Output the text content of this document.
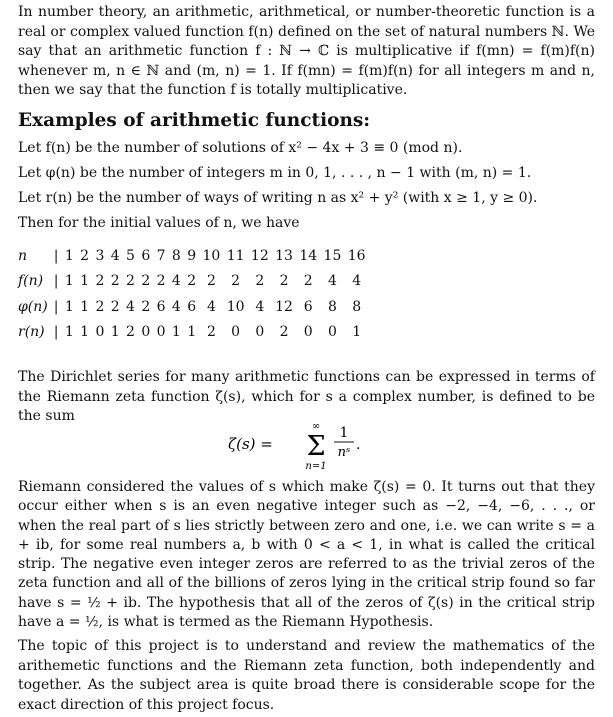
In number theory, an arithmetic, arithmetical, or number-theoretic function is a real or complex valued function f(n) defined on the set of natural numbers ℕ. We say that an arithmetic function f : ℕ → ℂ is multiplicative if f(mn) = f(m)f(n) whenever m, n ∈ ℕ and (m, n) = 1. If f(mn) = f(m)f(n) for all integers m and n, then we say that the function f is totally multiplicative.

Examples of arithmetic functions:
Let f(n) be the number of solutions of x² − 4x + 3 ≡ 0 (mod n).
Let φ(n) be the number of integers m in 0, 1, . . . , n − 1 with (m, n) = 1.
Let r(n) be the number of ways of writing n as x² + y² (with x ≥ 1, y ≥ 0).
Then for the initial values of n, we have
n	|	1	2	3	4	5	6	7	8	9	10	11	12	13	14	15	16
f(n)	|	1	1	2	2	2	2	2	4	2	2	2	2	2	2	4	4
φ(n)	|	1	1	2	2	4	2	6	4	6	4	10	4	12	6	8	8
r(n)	|	1	1	0	1	2	0	0	1	1	2	0	0	2	0	0	1

The Dirichlet series for many arithmetic functions can be expressed in terms of the Riemann zeta function ζ(s), which for s a complex number, is defined to be the sum

ζ(s) =
∞
Σ
n=1
1
nˢ .

Riemann considered the values of s which make ζ(s) = 0. It turns out that they occur either when s is an even negative integer such as −2, −4, −6, . . ., or when the real part of s lies strictly between zero and one, i.e. we can write s = a + ib, for some real numbers a, b with 0 < a < 1, in what is called the critical strip. The negative even integer zeros are referred to as the trivial zeros of the zeta function and all of the billions of zeros lying in the critical strip found so far have s = ½ + ib. The hypothesis that all of the zeros of ζ(s) in the critical strip have a = ½, is what is termed as the Riemann Hypothesis.

The topic of this project is to understand and review the mathematics of the arithemetic functions and the Riemann zeta function, both independently and together. As the subject area is quite broad there is considerable scope for the exact direction of this project focus.
